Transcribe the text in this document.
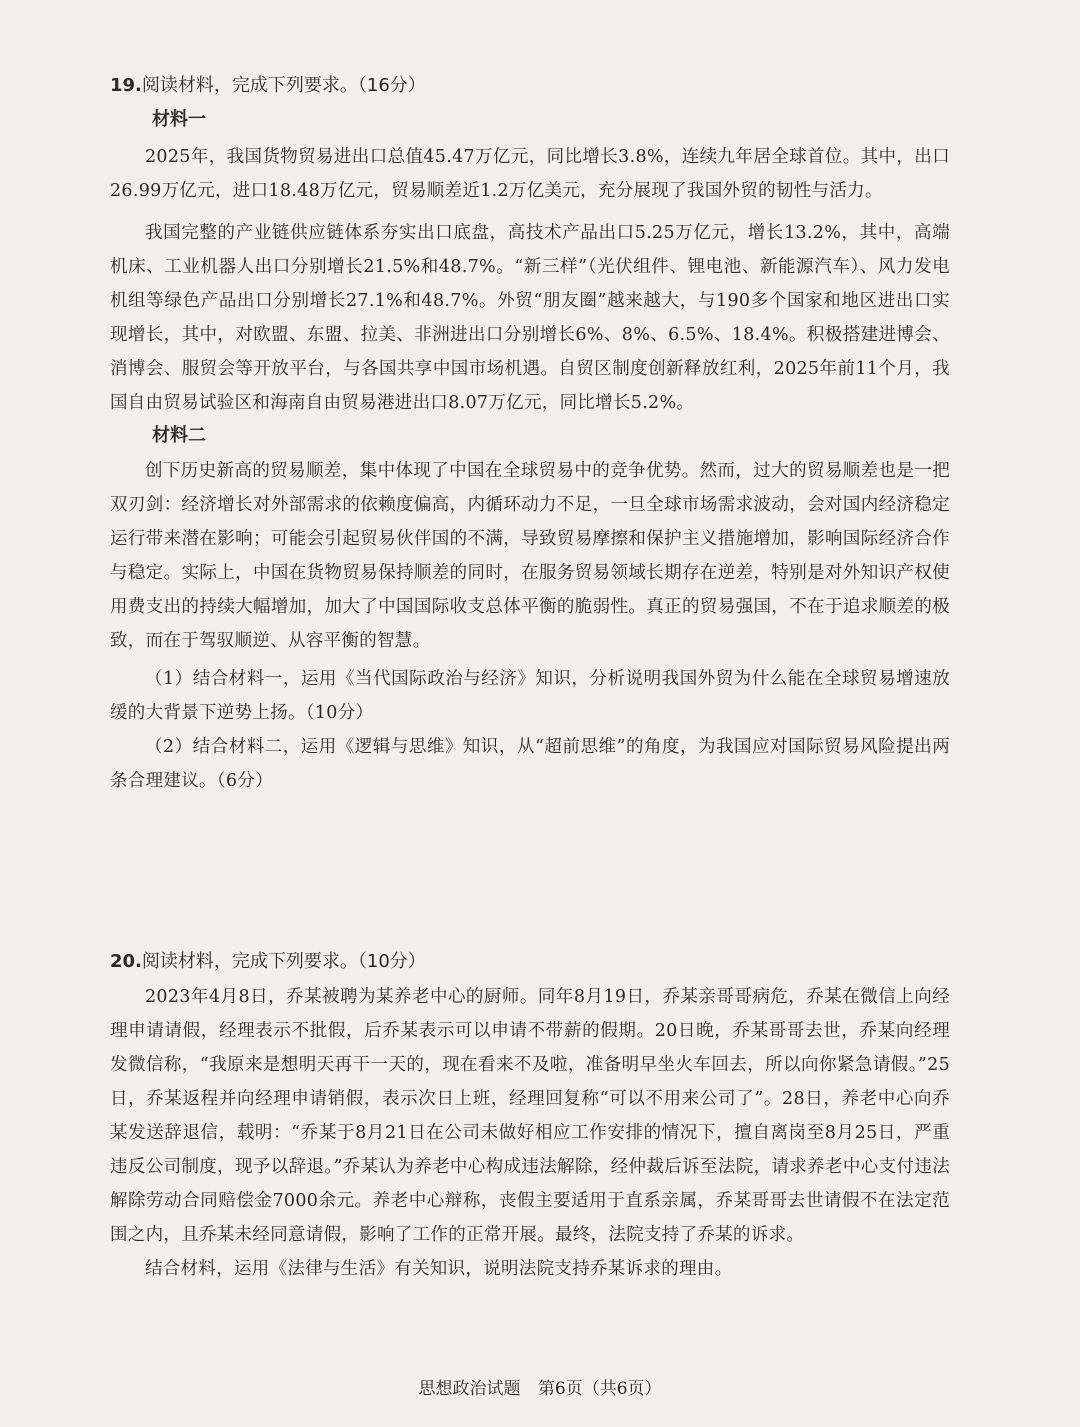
19.阅读材料，完成下列要求。（16分）
材料一

2025年，我国货物贸易进出口总值45.47万亿元，同比增长3.8%，连续九年居全球首位。其中，出口26.99万亿元，进口18.48万亿元，贸易顺差近1.2万亿美元，充分展现了我国外贸的韧性与活力。

我国完整的产业链供应链体系夯实出口底盘，高技术产品出口5.25万亿元，增长13.2%，其中，高端机床、工业机器人出口分别增长21.5%和48.7%。“新三样”（光伏组件、锂电池、新能源汽车）、风力发电机组等绿色产品出口分别增长27.1%和48.7%。外贸“朋友圈”越来越大，与190多个国家和地区进出口实现增长，其中，对欧盟、东盟、拉美、非洲进出口分别增长6%、8%、6.5%、18.4%。积极搭建进博会、消博会、服贸会等开放平台，与各国共享中国市场机遇。自贸区制度创新释放红利，2025年前11个月，我国自由贸易试验区和海南自由贸易港进出口8.07万亿元，同比增长5.2%。

材料二

创下历史新高的贸易顺差，集中体现了中国在全球贸易中的竞争优势。然而，过大的贸易顺差也是一把双刃剑：经济增长对外部需求的依赖度偏高，内循环动力不足，一旦全球市场需求波动，会对国内经济稳定运行带来潜在影响；可能会引起贸易伙伴国的不满，导致贸易摩擦和保护主义措施增加，影响国际经济合作与稳定。实际上，中国在货物贸易保持顺差的同时，在服务贸易领域长期存在逆差，特别是对外知识产权使用费支出的持续大幅增加，加大了中国国际收支总体平衡的脆弱性。真正的贸易强国，不在于追求顺差的极致，而在于驾驭顺逆、从容平衡的智慧。

（1）结合材料一，运用《当代国际政治与经济》知识，分析说明我国外贸为什么能在全球贸易增速放缓的大背景下逆势上扬。（10分）

（2）结合材料二，运用《逻辑与思维》知识，从“超前思维”的角度，为我国应对国际贸易风险提出两条合理建议。（6分）

20.阅读材料，完成下列要求。（10分）

2023年4月8日，乔某被聘为某养老中心的厨师。同年8月19日，乔某亲哥哥病危，乔某在微信上向经理申请请假，经理表示不批假，后乔某表示可以申请不带薪的假期。20日晚，乔某哥哥去世，乔某向经理发微信称，“我原来是想明天再干一天的，现在看来不及啦，准备明早坐火车回去，所以向你紧急请假。”25日，乔某返程并向经理申请销假，表示次日上班，经理回复称“可以不用来公司了”。28日，养老中心向乔某发送辞退信，载明：“乔某于8月21日在公司未做好相应工作安排的情况下，擅自离岗至8月25日，严重违反公司制度，现予以辞退。”乔某认为养老中心构成违法解除，经仲裁后诉至法院，请求养老中心支付违法解除劳动合同赔偿金7000余元。养老中心辩称，丧假主要适用于直系亲属，乔某哥哥去世请假不在法定范围之内，且乔某未经同意请假，影响了工作的正常开展。最终，法院支持了乔某的诉求。

结合材料，运用《法律与生活》有关知识，说明法院支持乔某诉求的理由。

思想政治试题 第6页（共6页）
